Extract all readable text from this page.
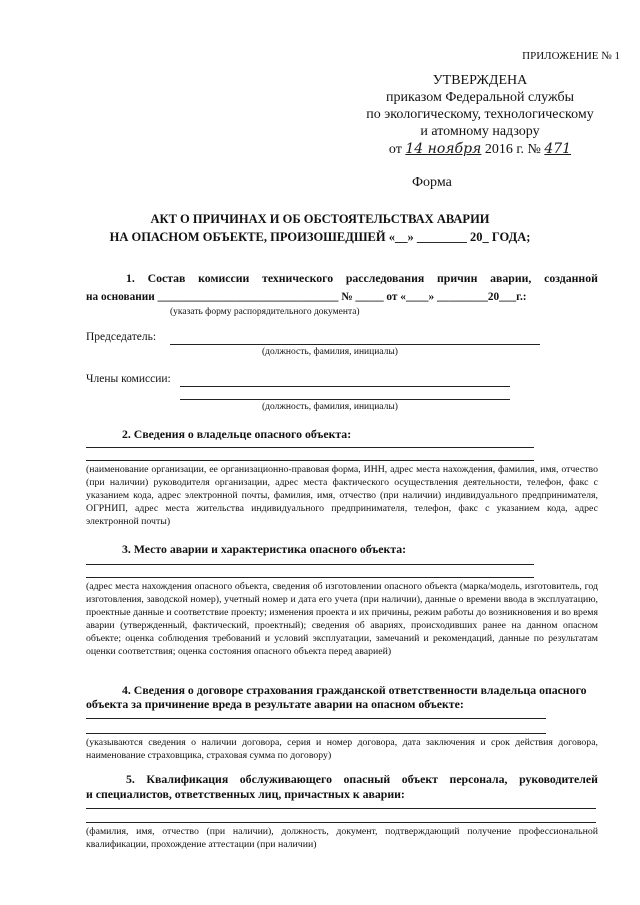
ПРИЛОЖЕНИЕ № 1
УТВЕРЖДЕНА
приказом Федеральной службы
по экологическому, технологическому
и атомному надзору
от 14 ноября 2016 г. № 471
Форма
АКТ О ПРИЧИНАХ И ОБ ОБСТОЯТЕЛЬСТВАХ АВАРИИ
НА ОПАСНОМ ОБЪЕКТЕ, ПРОИЗОШЕДШЕЙ «__» ________ 20_ ГОДА;
1. Состав комиссии технического расследования причин аварии, созданной
на основании ________________________________ № _____ от «____» _________20___г.:
(указать форму распорядительного документа)
Председатель:
(должность, фамилия, инициалы)
Члены комиссии:
(должность, фамилия, инициалы)
2. Сведения о владельце опасного объекта:
(наименование организации, ее организационно-правовая форма, ИНН, адрес места нахождения, фамилия, имя, отчество (при наличии) руководителя организации, адрес места фактического осуществления деятельности, телефон, факс с указанием кода, адрес электронной почты, фамилия, имя, отчество (при наличии) индивидуального предпринимателя, ОГРНИП, адрес места жительства индивидуального предпринимателя, телефон, факс с указанием кода, адрес электронной почты)
3. Место аварии и характеристика опасного объекта:
(адрес места нахождения опасного объекта, сведения об изготовлении опасного объекта (марка/модель, изготовитель, год изготовления, заводской номер), учетный номер и дата его учета (при наличии), данные о времени ввода в эксплуатацию, проектные данные и соответствие проекту; изменения проекта и их причины, режим работы до возникновения и во время аварии (утвержденный, фактический, проектный); сведения об авариях, происходивших ранее на данном опасном объекте; оценка соблюдения требований и условий эксплуатации, замечаний и рекомендаций, данные по результатам оценки соответствия; оценка состояния опасного объекта перед аварией)
4. Сведения о договоре страхования гражданской ответственности владельца опасного
объекта за причинение вреда в результате аварии на опасном объекте:
(указываются сведения о наличии договора, серия и номер договора, дата заключения и срок действия договора, наименование страховщика, страховая сумма по договору)
5. Квалификация обслуживающего опасный объект персонала, руководителей
и специалистов, ответственных лиц, причастных к аварии:
(фамилия, имя, отчество (при наличии), должность, документ, подтверждающий получение профессиональной квалификации, прохождение аттестации (при наличии)
